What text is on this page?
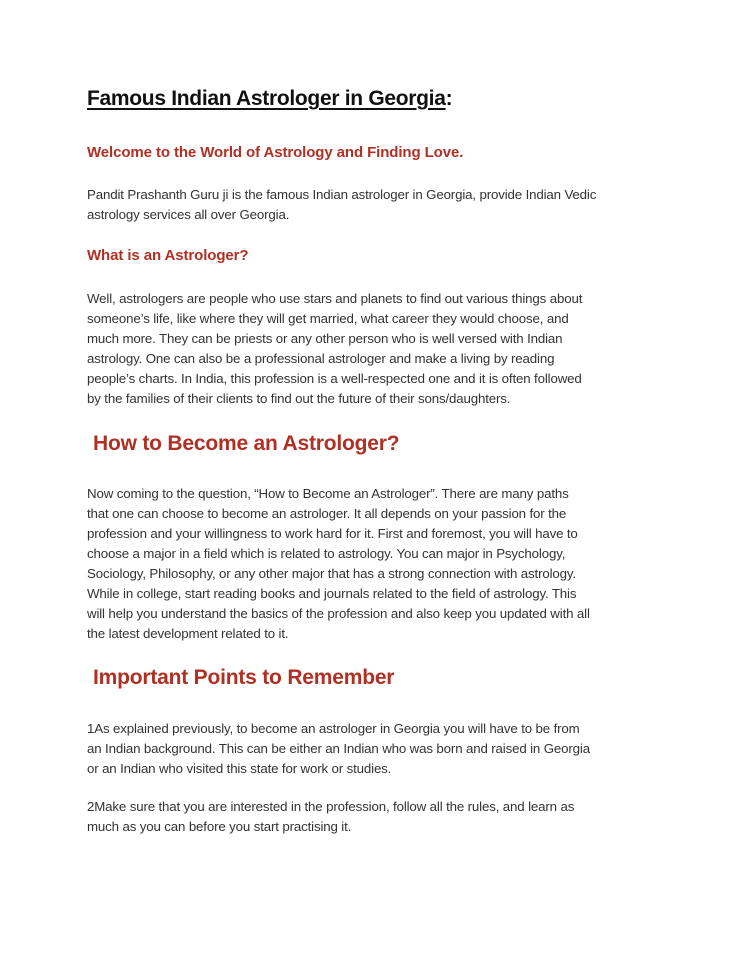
Famous Indian Astrologer in Georgia:
Welcome to the World of Astrology and Finding Love.

Pandit Prashanth Guru ji is the famous Indian astrologer in Georgia, provide Indian Vedic
astrology services all over Georgia.

What is an Astrologer?

Well, astrologers are people who use stars and planets to find out various things about
someone’s life, like where they will get married, what career they would choose, and
much more. They can be priests or any other person who is well versed with Indian
astrology. One can also be a professional astrologer and make a living by reading
people’s charts. In India, this profession is a well-respected one and it is often followed
by the families of their clients to find out the future of their sons/daughters.

How to Become an Astrologer?

Now coming to the question, “How to Become an Astrologer”. There are many paths
that one can choose to become an astrologer. It all depends on your passion for the
profession and your willingness to work hard for it. First and foremost, you will have to
choose a major in a field which is related to astrology. You can major in Psychology,
Sociology, Philosophy, or any other major that has a strong connection with astrology.
While in college, start reading books and journals related to the field of astrology. This
will help you understand the basics of the profession and also keep you updated with all
the latest development related to it.

Important Points to Remember

1As explained previously, to become an astrologer in Georgia you will have to be from
an Indian background. This can be either an Indian who was born and raised in Georgia
or an Indian who visited this state for work or studies.

2Make sure that you are interested in the profession, follow all the rules, and learn as
much as you can before you start practising it.
